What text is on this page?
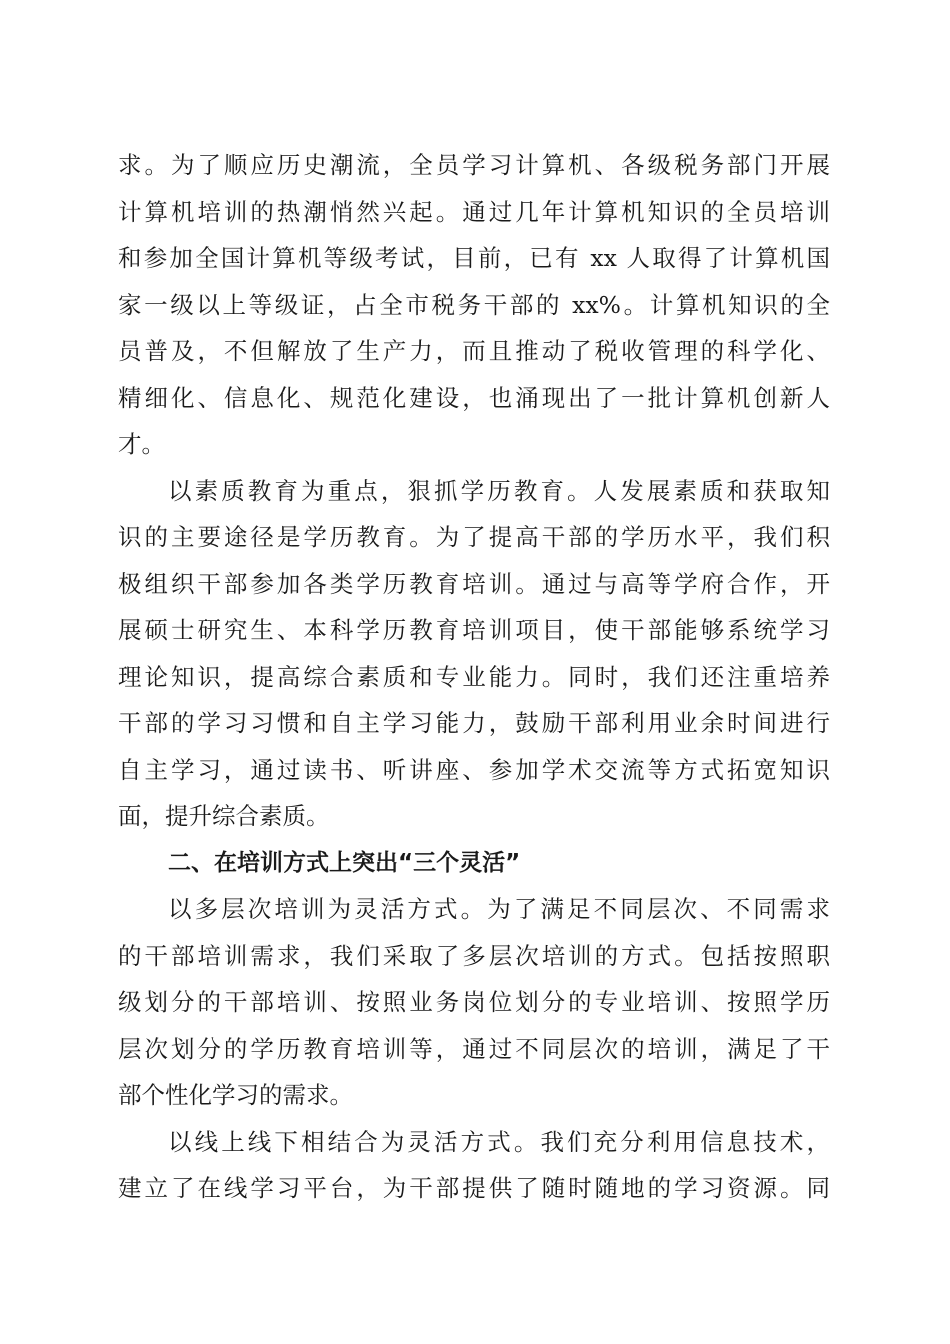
求。为了顺应历史潮流，全员学习计算机、各级税务部门开展
计算机培训的热潮悄然兴起。通过几年计算机知识的全员培训
和参加全国计算机等级考试，目前，已有 xx 人取得了计算机国
家一级以上等级证，占全市税务干部的 xx%。计算机知识的全
员普及，不但解放了生产力，而且推动了税收管理的科学化、
精细化、信息化、规范化建设，也涌现出了一批计算机创新人
才。
以素质教育为重点，狠抓学历教育。人发展素质和获取知
识的主要途径是学历教育。为了提高干部的学历水平，我们积
极组织干部参加各类学历教育培训。通过与高等学府合作，开
展硕士研究生、本科学历教育培训项目，使干部能够系统学习
理论知识，提高综合素质和专业能力。同时，我们还注重培养
干部的学习习惯和自主学习能力，鼓励干部利用业余时间进行
自主学习，通过读书、听讲座、参加学术交流等方式拓宽知识
面，提升综合素质。
二、在培训方式上突出“三个灵活”
以多层次培训为灵活方式。为了满足不同层次、不同需求
的干部培训需求，我们采取了多层次培训的方式。包括按照职
级划分的干部培训、按照业务岗位划分的专业培训、按照学历
层次划分的学历教育培训等，通过不同层次的培训，满足了干
部个性化学习的需求。
以线上线下相结合为灵活方式。我们充分利用信息技术，
建立了在线学习平台，为干部提供了随时随地的学习资源。同
